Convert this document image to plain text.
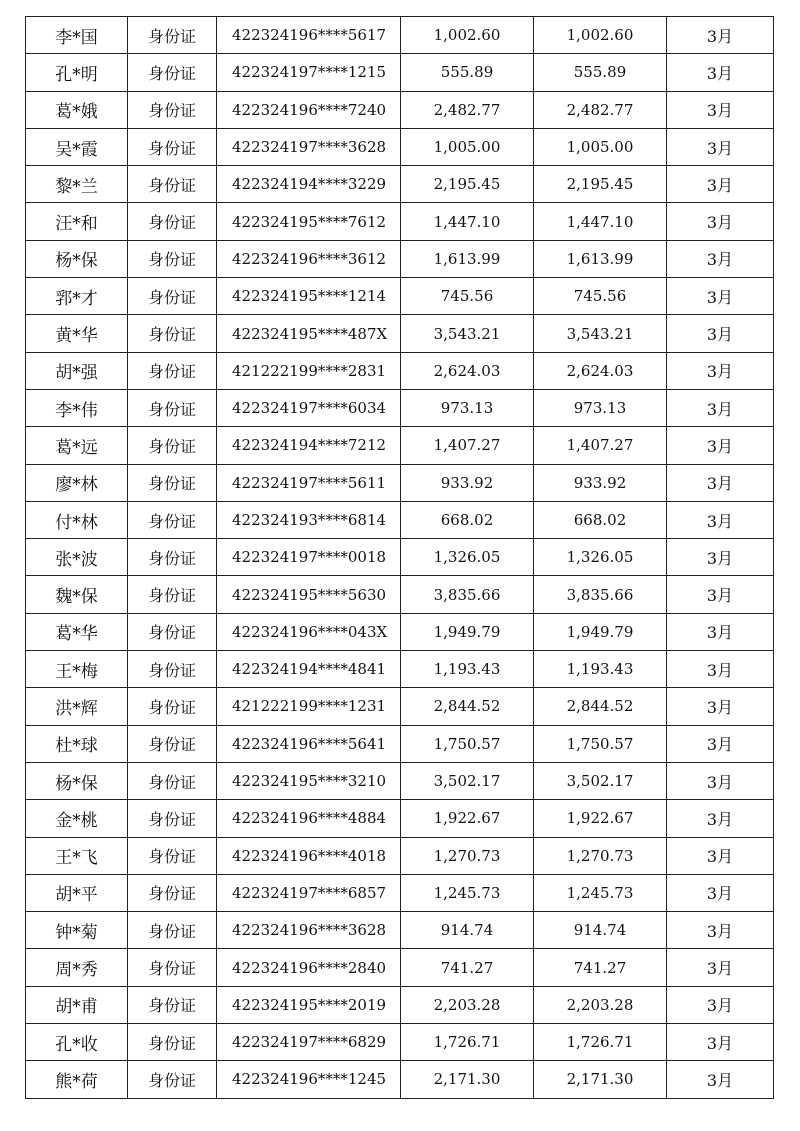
李*国	身份证	422324196****5617	1,002.60	1,002.60	3月
孔*明	身份证	422324197****1215	555.89	555.89	3月
葛*娥	身份证	422324196****7240	2,482.77	2,482.77	3月
吴*霞	身份证	422324197****3628	1,005.00	1,005.00	3月
黎*兰	身份证	422324194****3229	2,195.45	2,195.45	3月
汪*和	身份证	422324195****7612	1,447.10	1,447.10	3月
杨*保	身份证	422324196****3612	1,613.99	1,613.99	3月
郛*才	身份证	422324195****1214	745.56	745.56	3月
黄*华	身份证	422324195****487X	3,543.21	3,543.21	3月
胡*强	身份证	421222199****2831	2,624.03	2,624.03	3月
李*伟	身份证	422324197****6034	973.13	973.13	3月
葛*远	身份证	422324194****7212	1,407.27	1,407.27	3月
廖*林	身份证	422324197****5611	933.92	933.92	3月
付*林	身份证	422324193****6814	668.02	668.02	3月
张*波	身份证	422324197****0018	1,326.05	1,326.05	3月
魏*保	身份证	422324195****5630	3,835.66	3,835.66	3月
葛*华	身份证	422324196****043X	1,949.79	1,949.79	3月
王*梅	身份证	422324194****4841	1,193.43	1,193.43	3月
洪*辉	身份证	421222199****1231	2,844.52	2,844.52	3月
杜*球	身份证	422324196****5641	1,750.57	1,750.57	3月
杨*保	身份证	422324195****3210	3,502.17	3,502.17	3月
金*桃	身份证	422324196****4884	1,922.67	1,922.67	3月
王*飞	身份证	422324196****4018	1,270.73	1,270.73	3月
胡*平	身份证	422324197****6857	1,245.73	1,245.73	3月
钟*菊	身份证	422324196****3628	914.74	914.74	3月
周*秀	身份证	422324196****2840	741.27	741.27	3月
胡*甫	身份证	422324195****2019	2,203.28	2,203.28	3月
孔*收	身份证	422324197****6829	1,726.71	1,726.71	3月
熊*荷	身份证	422324196****1245	2,171.30	2,171.30	3月
